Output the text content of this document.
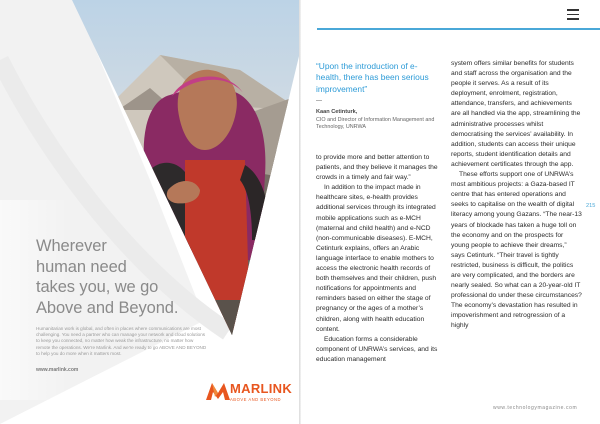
Wherever
human need
takes you, we go
Above and Beyond.

Humanitarian work is global, and often in places where communications are most challenging. You need a partner who can manage your network and cloud solutions to keep you connected, no matter how weak the infrastructure, no matter how remote the operations. We're Marlink. And we're ready to go ABOVE AND BEYOND to help you do more when it matters most.

www.marlink.com

MARLINK
ABOVE AND BEYOND

“Upon the introduction of e-health, there has been serious improvement”

—

Kaan Cetinturk,

CIO and Director of Information Management and Technology, UNRWA

to provide more and better attention to patients, and they believe it manages the crowds in a timely and fair way.”

In addition to the impact made in healthcare sites, e-health provides additional services through its integrated mobile applications such as e-MCH (maternal and child health) and e-NCD (non-communicable diseases). E-MCH, Cetinturk explains, offers an Arabic language interface to enable mothers to access the electronic health records of both themselves and their children, push notifications for appointments and reminders based on either the stage of pregnancy or the ages of a mother’s children, along with health education content.

Education forms a considerable component of UNRWA’s services, and its education management

system offers similar benefits for students and staff across the organisation and the people it serves. As a result of its deployment, enrolment, registration, attendance, transfers, and achievements are all handled via the app, streamlining the administrative processes whilst democratising the services’ availability. In addition, students can access their unique reports, student identification details and achievement certificates through the app.

These efforts support one of UNRWA’s most ambitious projects: a Gaza-based IT centre that has entered operations and seeks to capitalise on the wealth of digital literacy among young Gazans. “The near-13 years of blockade has taken a huge toll on the economy and on the prospects for young people to achieve their dreams,” says Cetinturk. “Their travel is tightly restricted, business is difficult, the politics are very complicated, and the borders are nearly sealed. So what can a 20-year-old IT professional do under these circumstances? The economy’s devastation has resulted in impoverishment and retrogression of a highly

215

www.technologymagazine.com
